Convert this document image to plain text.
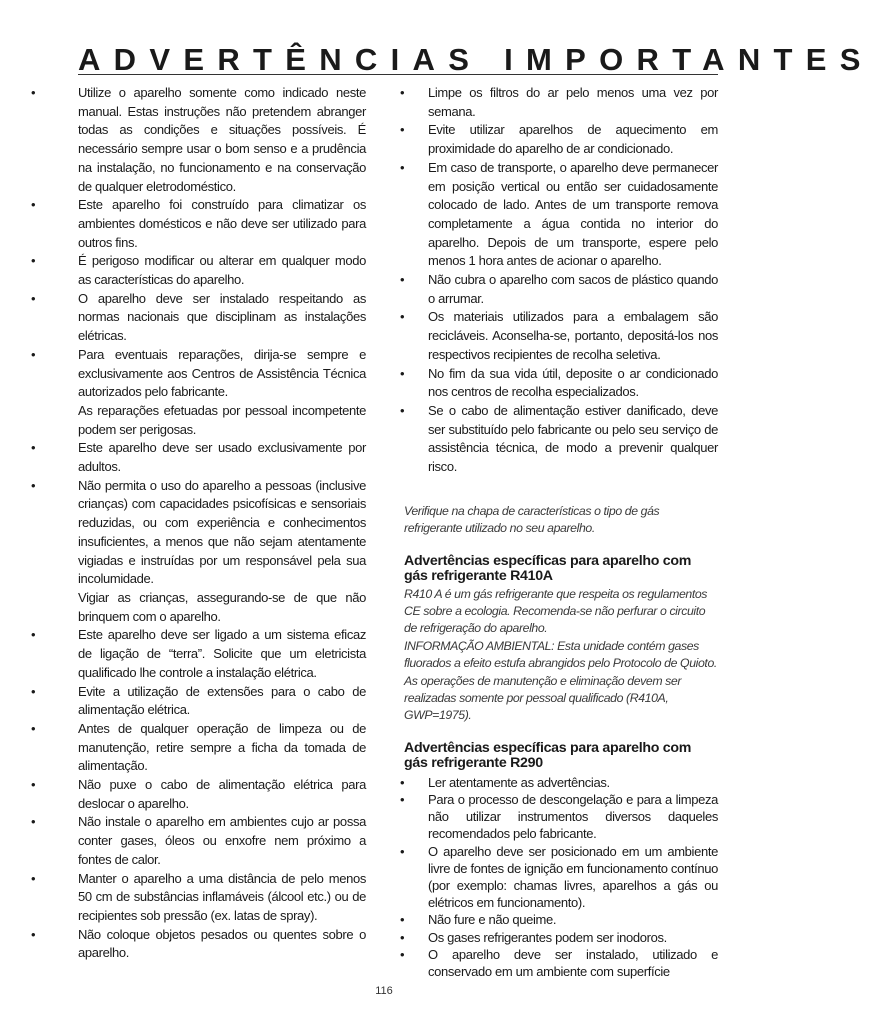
ADVERTÊNCIAS IMPORTANTES
•	Utilize o aparelho somente como indicado neste manual. Estas instruções não pretendem abranger todas as condições e situações possíveis. É necessário sempre usar o bom senso e a prudência na instalação, no funcionamento e na conservação de qualquer eletrodoméstico.

•	Este aparelho foi construído para climatizar os ambientes domésticos e não deve ser utilizado para outros fins.

•	É perigoso modificar ou alterar em qualquer modo as características do aparelho.

•	O aparelho deve ser instalado respeitando as normas nacionais que disciplinam as instalações elétricas.

•	Para eventuais reparações, dirija-se sempre e exclusivamente aos Centros de Assistência Técnica autorizados pelo fabricante.

As reparações efetuadas por pessoal incompetente podem ser perigosas.

•	Este aparelho deve ser usado exclusivamente por adultos.

•	Não permita o uso do aparelho a pessoas (inclusive crianças) com capacidades psicofísicas e sensoriais reduzidas, ou com experiência e conhecimentos insuficientes, a menos que não sejam atentamente vigiadas e instruídas por um responsável pela sua incolumidade.

Vigiar as crianças, assegurando-se de que não brinquem com o aparelho.

•	Este aparelho deve ser ligado a um sistema eficaz de ligação de “terra”. Solicite que um eletricista qualificado lhe controle a instalação elétrica.

•	Evite a utilização de extensões para o cabo de alimentação elétrica.

•	Antes de qualquer operação de limpeza ou de manutenção, retire sempre a ficha da tomada de alimentação.

•	Não puxe o cabo de alimentação elétrica para deslocar o aparelho.

•	Não instale o aparelho em ambientes cujo ar possa conter gases, óleos ou enxofre nem próximo a fontes de calor.

•	Manter o aparelho a uma distância de pelo menos 50 cm de substâncias inflamáveis (álcool etc.) ou de recipientes sob pressão (ex. latas de spray).

•	Não coloque objetos pesados ou quentes sobre o aparelho.

•	Limpe os filtros do ar pelo menos uma vez por semana.

•	Evite utilizar aparelhos de aquecimento em proximidade do aparelho de ar condicionado.

•	Em caso de transporte, o aparelho deve permanecer em posição vertical ou então ser cuidadosamente colocado de lado. Antes de um transporte remova completamente a água contida no interior do aparelho. Depois de um transporte, espere pelo menos 1 hora antes de acionar o aparelho.

•	Não cubra o aparelho com sacos de plástico quando o arrumar.

•	Os materiais utilizados para a embalagem são recicláveis. Aconselha-se, portanto, depositá-los nos respectivos recipientes de recolha seletiva.

•	No fim da sua vida útil, deposite o ar condicionado nos centros de recolha especializados.

•	Se o cabo de alimentação estiver danificado, deve ser substituído pelo fabricante ou pelo seu serviço de assistência técnica, de modo a prevenir qualquer risco.

Verifique na chapa de características o tipo de gás refrigerante utilizado no seu aparelho.
Advertências específicas para aparelho com gás refrigerante R410A

R410 A é um gás refrigerante que respeita os regulamentos CE sobre a ecologia. Recomenda-se não perfurar o circuito de refrigeração do aparelho.

INFORMAÇÃO AMBIENTAL: Esta unidade contém gases fluorados a efeito estufa abrangidos pelo Protocolo de Quioto. As operações de manutenção e eliminação devem ser realizadas somente por pessoal qualificado (R410A, GWP=1975).

Advertências específicas para aparelho com gás refrigerante R290
•	Ler atentamente as advertências.

•	Para o processo de descongelação e para a limpeza não utilizar instrumentos diversos daqueles recomendados pelo fabricante.

•	O aparelho deve ser posicionado em um ambiente livre de fontes de ignição em funcionamento contínuo (por exemplo: chamas livres, aparelhos a gás ou elétricos em funcionamento).

•	Não fure e não queime.

•	Os gases refrigerantes podem ser inodoros.

•	O aparelho deve ser instalado, utilizado e conservado em um ambiente com superfície

116
